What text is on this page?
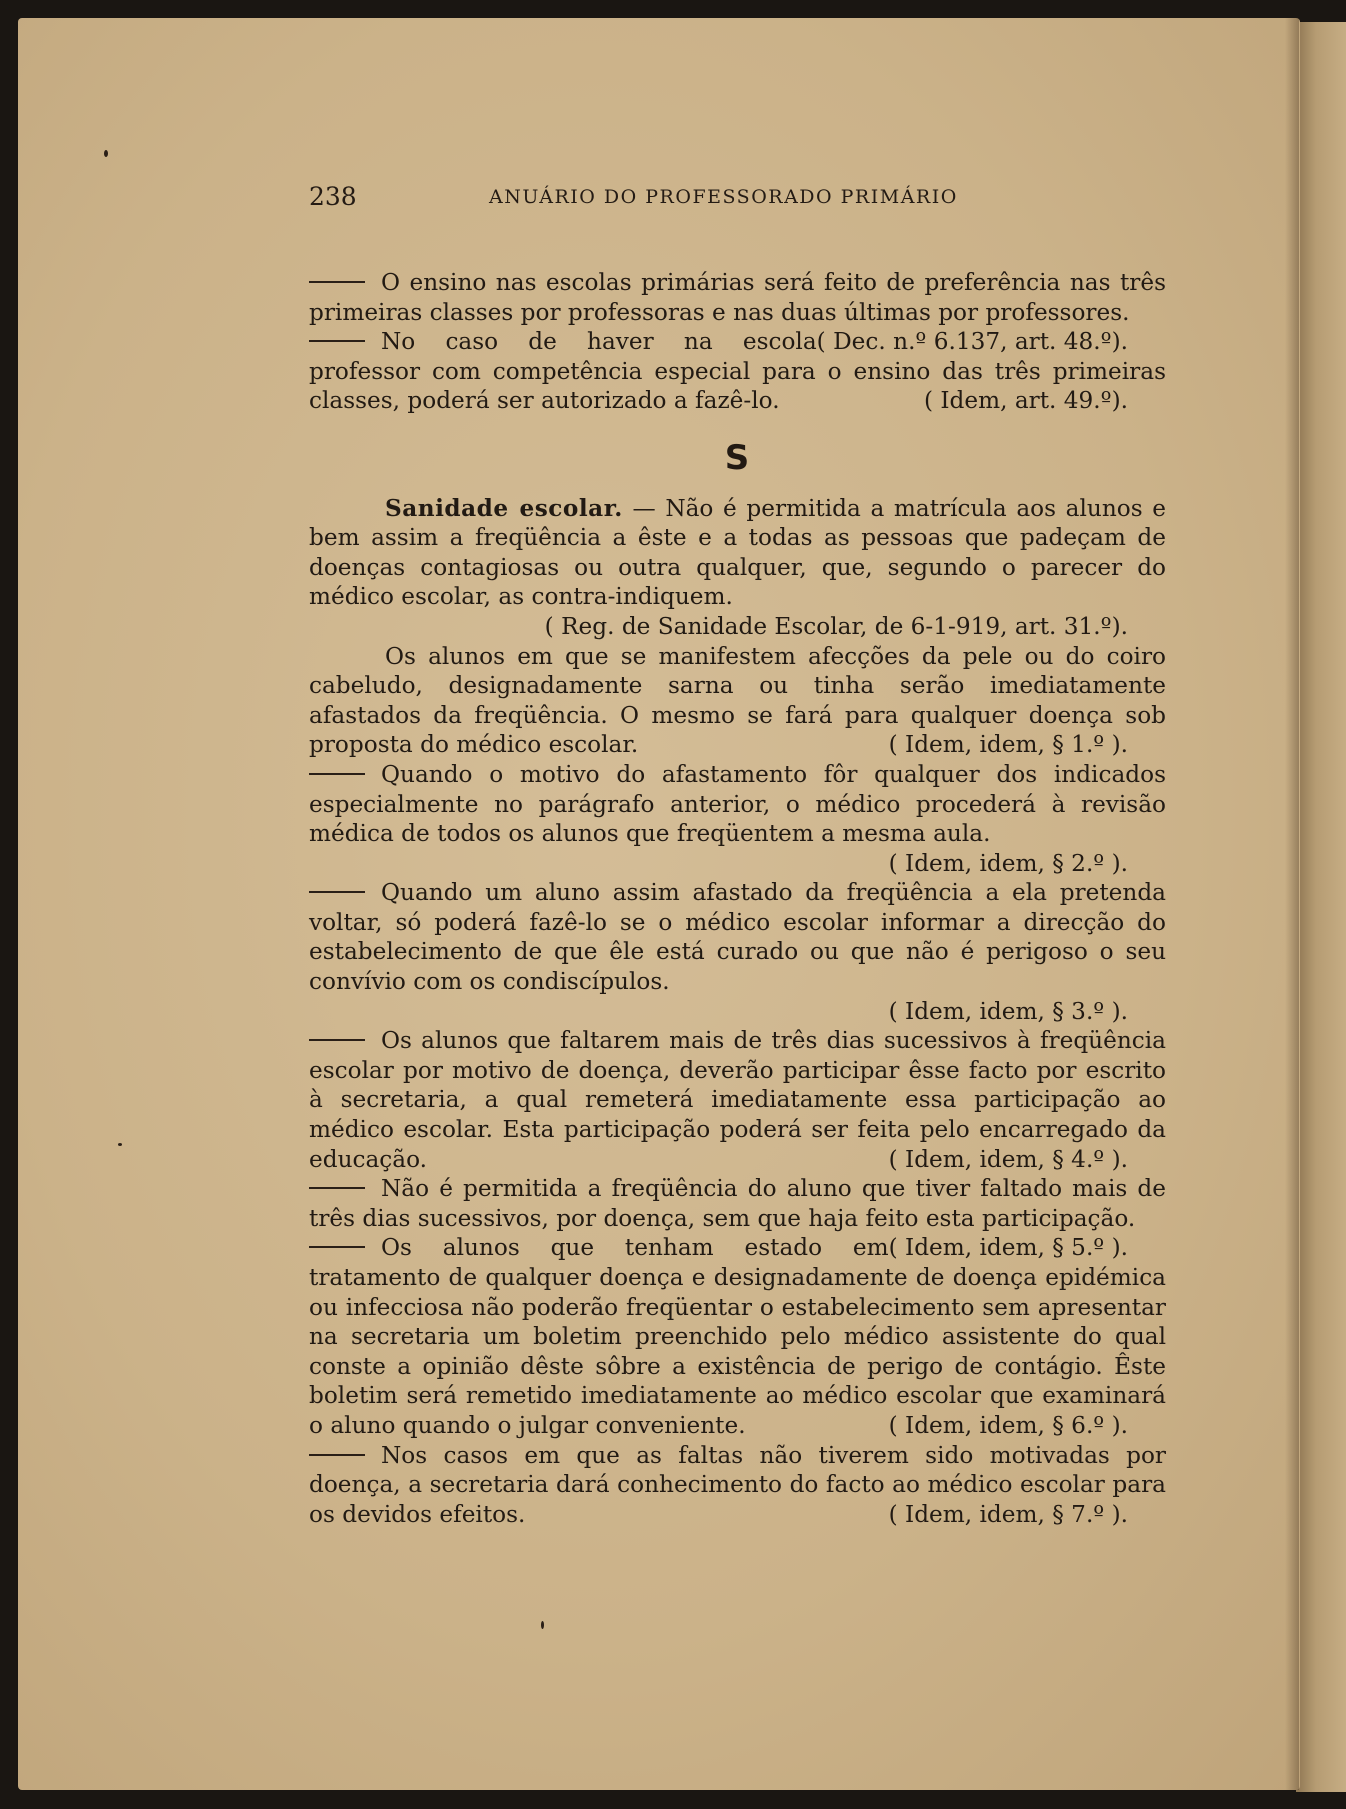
238	ANUÁRIO DO PROFESSORADO PRIMÁRIO

O ensino nas escolas primárias será feito de preferência nas três primeiras classes por professoras e nas duas últimas por professores.
( Dec. n.º 6.137, art. 48.º).

No caso de haver na escola professor com competência especial para o ensino das três primeiras classes, poderá ser autorizado a fazê-lo.	( Idem, art. 49.º).

S

Sanidade escolar. — Não é permitida a matrícula aos alunos e bem assim a freqüência a êste e a todas as pessoas que padeçam de doenças contagiosas ou outra qualquer, que, segundo o parecer do médico escolar, as contra-indiquem.

( Reg. de Sanidade Escolar, de 6-1-919, art. 31.º).

Os alunos em que se manifestem afecções da pele ou do coiro cabeludo, designadamente sarna ou tinha serão imediatamente afastados da freqüência. O mesmo se fará para qualquer doença sob proposta do médico escolar.	( Idem, idem, § 1.º ).

Quando o motivo do afastamento fôr qualquer dos indicados especialmente no parágrafo anterior, o médico procederá à revisão médica de todos os alunos que freqüentem a mesma aula.

( Idem, idem, § 2.º ).

Quando um aluno assim afastado da freqüência a ela pretenda voltar, só poderá fazê-lo se o médico escolar informar a direcção do estabelecimento de que êle está curado ou que não é perigoso o seu convívio com os condiscípulos.

( Idem, idem, § 3.º ).

Os alunos que faltarem mais de três dias sucessivos à freqüência escolar por motivo de doença, deverão participar êsse facto por escrito à secretaria, a qual remeterá imediatamente essa participação ao médico escolar. Esta participação poderá ser feita pelo encarregado da educação.	( Idem, idem, § 4.º ).

Não é permitida a freqüência do aluno que tiver faltado mais de três dias sucessivos, por doença, sem que haja feito esta participação.
( Idem, idem, § 5.º ).

Os alunos que tenham estado em tratamento de qualquer doença e designadamente de doença epidémica ou infecciosa não poderão freqüentar o estabelecimento sem apresentar na secretaria um boletim preenchido pelo médico assistente do qual conste a opinião dêste sôbre a existência de perigo de contágio. Êste boletim será remetido imediatamente ao médico escolar que examinará o aluno quando o julgar conveniente.	( Idem, idem, § 6.º ).

Nos casos em que as faltas não tiverem sido motivadas por doença, a secretaria dará conhecimento do facto ao médico escolar para os devidos efeitos.	( Idem, idem, § 7.º ).
